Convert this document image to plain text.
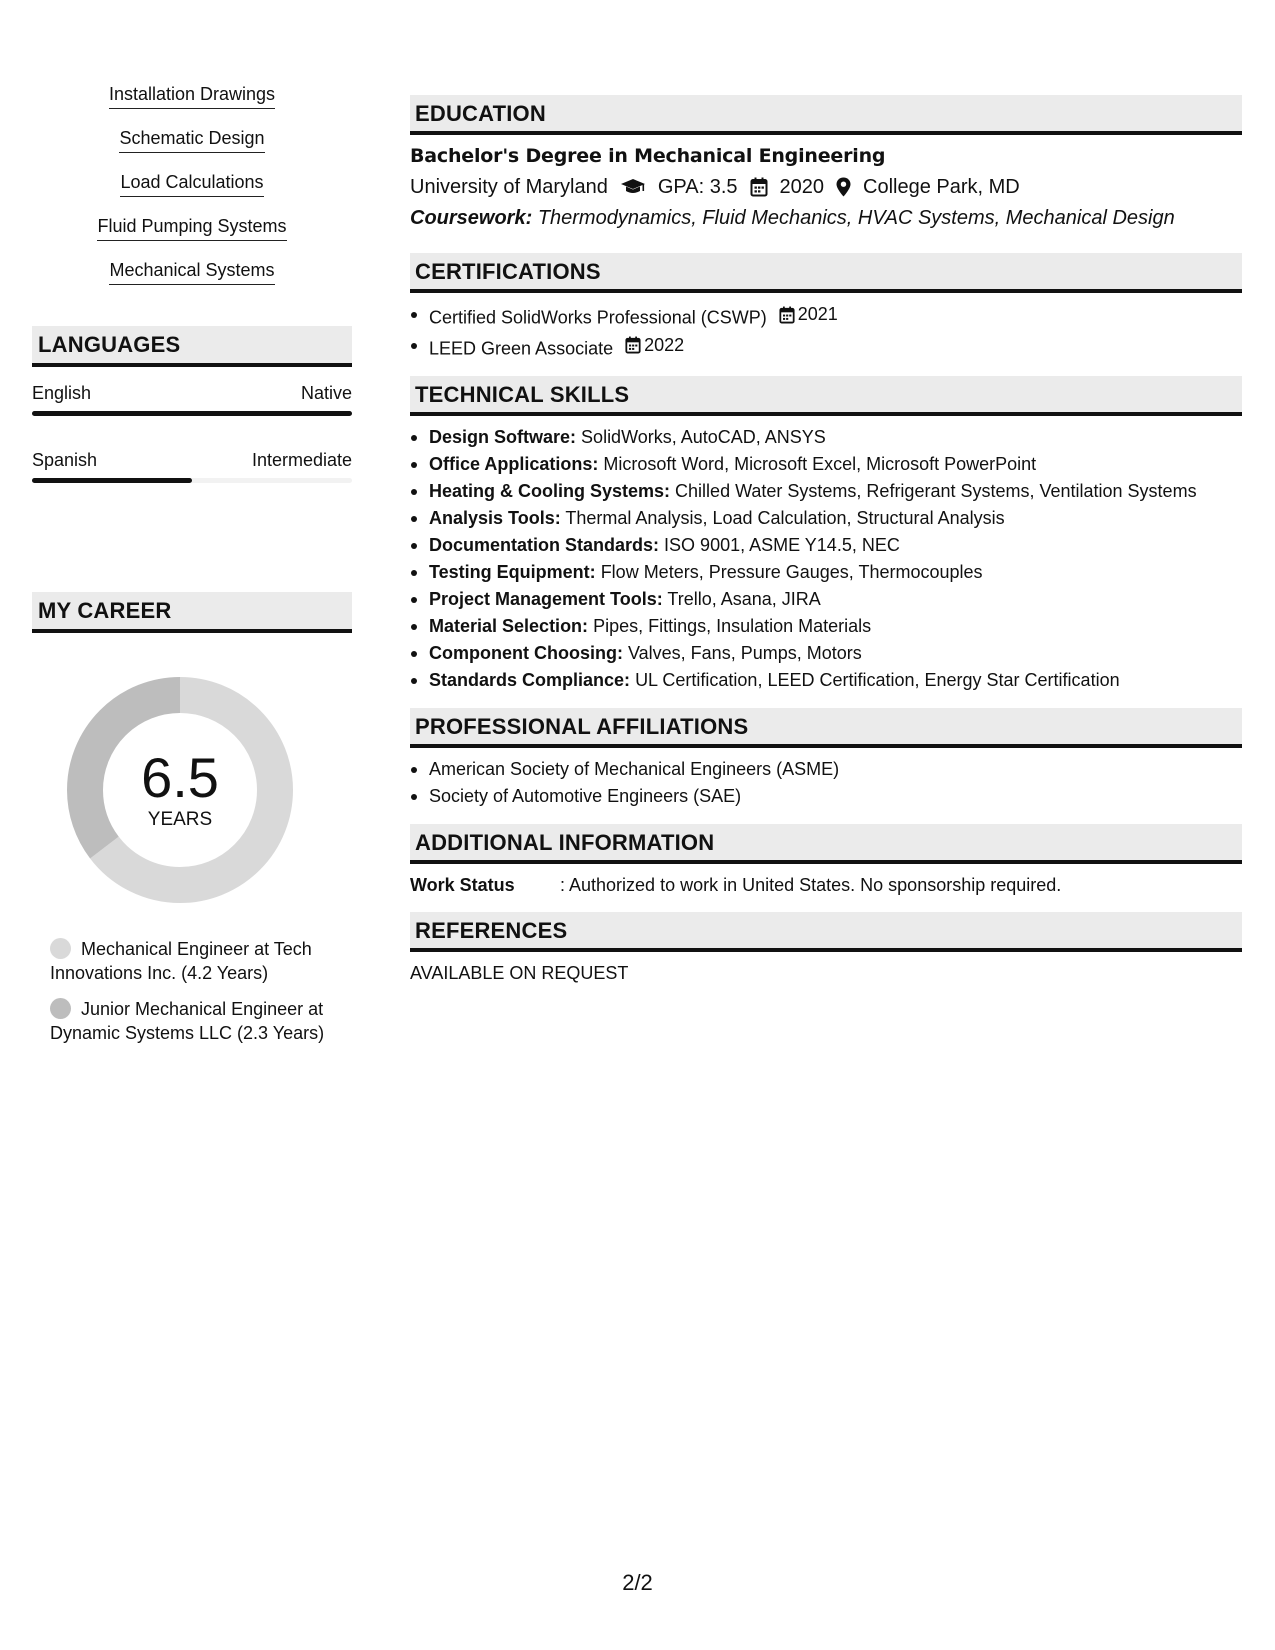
Installation Drawings
Schematic Design
Load Calculations
Fluid Pumping Systems
Mechanical Systems
LANGUAGES
English	Native
Spanish	Intermediate
MY CAREER
6.5
YEARS
Mechanical Engineer at Tech Innovations Inc. (4.2 Years)
Junior Mechanical Engineer at Dynamic Systems LLC (2.3 Years)
EDUCATION
Bachelor's Degree in Mechanical Engineering
University of Maryland	GPA: 3.5 2020 College Park, MD
Coursework: Thermodynamics, Fluid Mechanics, HVAC Systems, Mechanical Design
CERTIFICATIONS
Certified SolidWorks Professional (CSWP) 2021
LEED Green Associate 2022
TECHNICAL SKILLS
Design Software: SolidWorks, AutoCAD, ANSYS
Office Applications: Microsoft Word, Microsoft Excel, Microsoft PowerPoint
Heating & Cooling Systems: Chilled Water Systems, Refrigerant Systems, Ventilation Systems
Analysis Tools: Thermal Analysis, Load Calculation, Structural Analysis
Documentation Standards: ISO 9001, ASME Y14.5, NEC
Testing Equipment: Flow Meters, Pressure Gauges, Thermocouples
Project Management Tools: Trello, Asana, JIRA
Material Selection: Pipes, Fittings, Insulation Materials
Component Choosing: Valves, Fans, Pumps, Motors
Standards Compliance: UL Certification, LEED Certification, Energy Star Certification
PROFESSIONAL AFFILIATIONS
American Society of Mechanical Engineers (ASME)
Society of Automotive Engineers (SAE)
ADDITIONAL INFORMATION
Work Status	: Authorized to work in United States. No sponsorship required.
REFERENCES
AVAILABLE ON REQUEST
2/2
